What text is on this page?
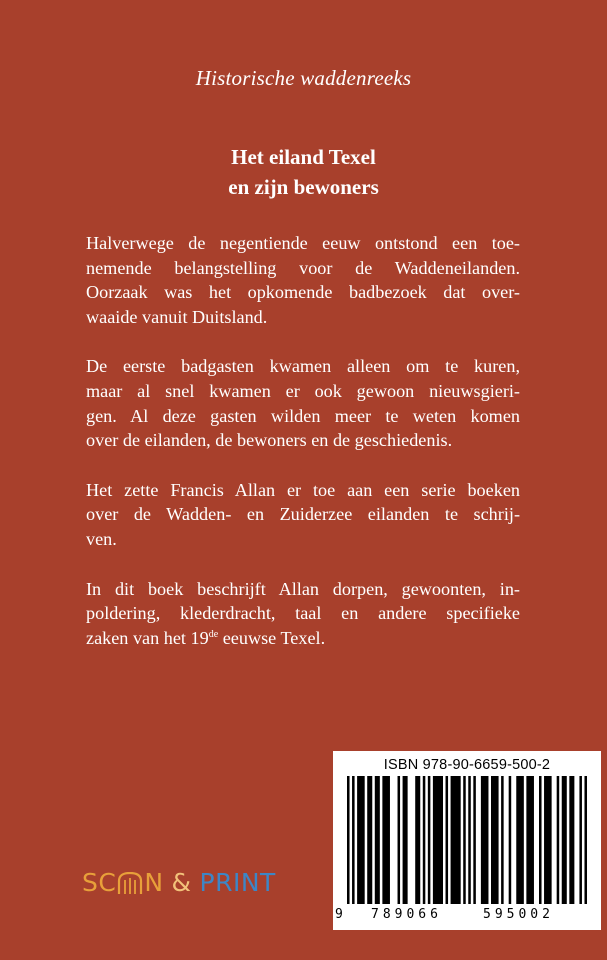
Historische waddenreeks
Het eiland Texel
en zijn bewoners

Halverwege de negentiende eeuw ontstond een toe-
nemende belangstelling voor de Waddeneilanden.
Oorzaak was het opkomende badbezoek dat over-
waaide vanuit Duitsland.

De eerste badgasten kwamen alleen om te kuren,
maar al snel kwamen er ook gewoon nieuwsgieri-
gen. Al deze gasten wilden meer te weten komen
over de eilanden, de bewoners en de geschiedenis.

Het zette Francis Allan er toe aan een serie boeken
over de Wadden- en Zuiderzee eilanden te schrij-
ven.

In dit boek beschrijft Allan dorpen, gewoonten, in-
poldering, klederdracht, taal en andere specifieke
zaken van het 19de eeuwse Texel.

SC N & PRINT
ISBN 978-90-6659-500-2
9 789066	595002
